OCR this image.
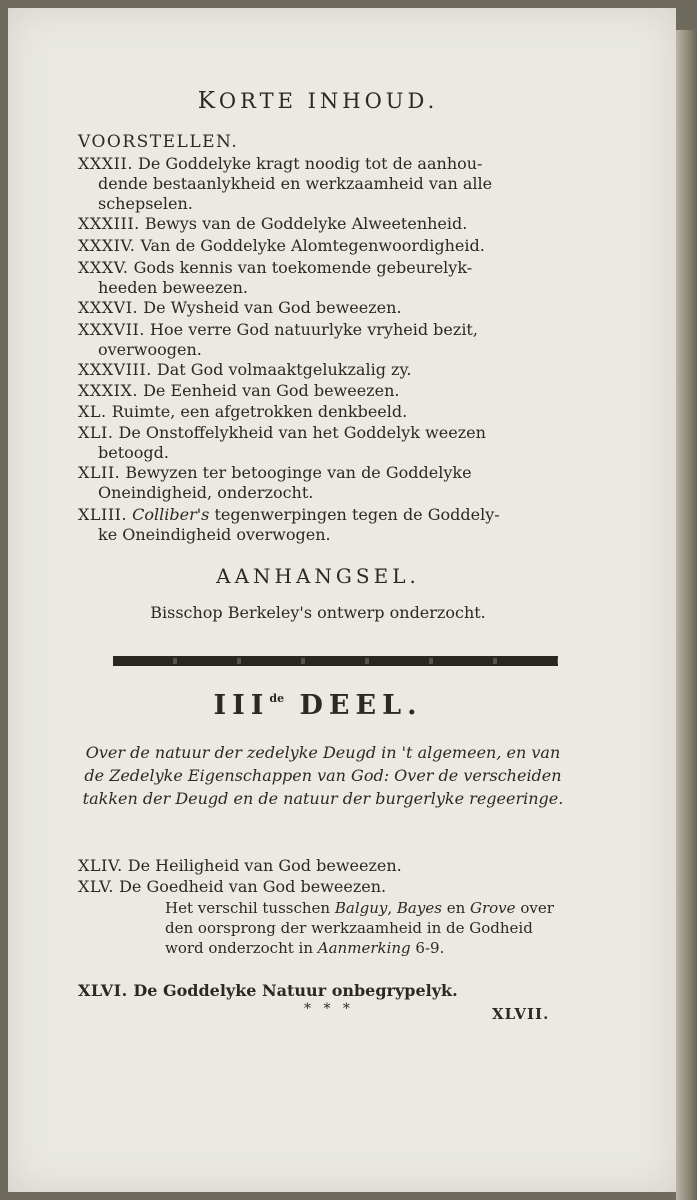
KORTE INHOUD.
VOORSTELLEN.
XXXII. De Goddelyke kragt noodig tot de aanhou-
dende bestaanlykheid en werkzaamheid van alle schepselen.
XXXIII. Bewys van de Goddelyke Alweetenheid.
XXXIV. Van de Goddelyke Alomtegenwoordigheid.
XXXV. Gods kennis van toekomende gebeurelyk-
heeden beweezen.
XXXVI. De Wysheid van God beweezen.
XXXVII. Hoe verre God natuurlyke vryheid bezit,
overwoogen.
XXXVIII. Dat God volmaaktgelukzalig zy.
XXXIX. De Eenheid van God beweezen.
XL. Ruimte, een afgetrokken denkbeeld.
XLI. De Onstoffelykheid van het Goddelyk weezen
betoogd.
XLII. Bewyzen ter betooginge van de Goddelyke
Oneindigheid, onderzocht.
XLIII. Colliber's tegenwerpingen tegen de Goddely-
ke Oneindigheid overwogen.
AANHANGSEL.
Bisschop Berkeley's ontwerp onderzocht.
IIIde DEEL.
Over de natuur der zedelyke Deugd in 't algemeen, en van de Zedelyke Eigenschappen van God: Over de verscheiden takken der Deugd en de natuur der burgerlyke regeeringe.
XLIV. De Heiligheid van God beweezen.
XLV. De Goedheid van God beweezen.
Het verschil tusschen Balguy, Bayes en Grove over den oorsprong der werkzaamheid in de Godheid word onderzocht in Aanmerking 6-9.
XLVI. De Goddelyke Natuur onbegrypelyk.
* * *	XLVII.
